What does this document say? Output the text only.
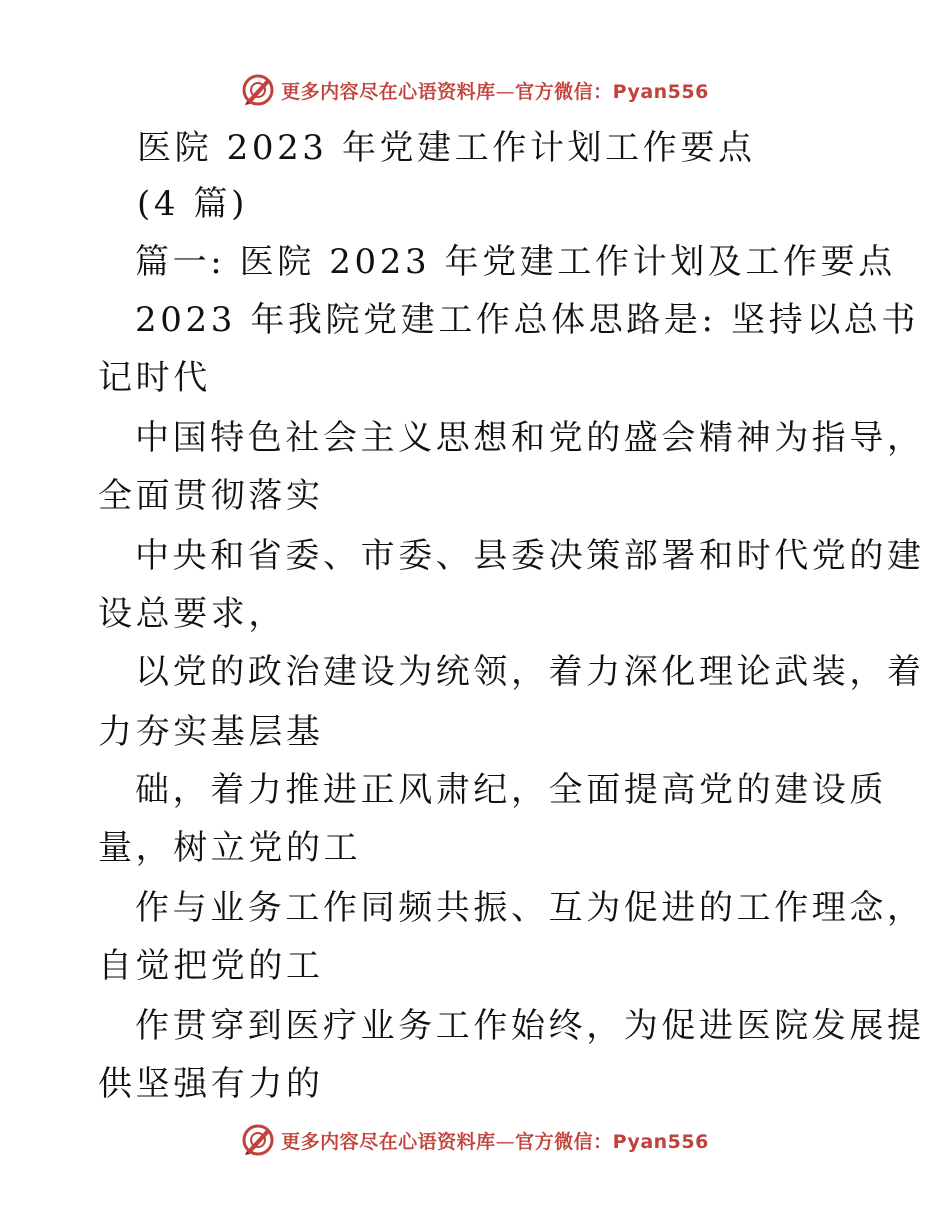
更多内容尽在心语资料库—官方微信：Pyan556
医院 2023 年党建工作计划工作要点
(4 篇)
篇一: 医院 2023 年党建工作计划及工作要点
2023 年我院党建工作总体思路是: 坚持以总书
记时代
中国特色社会主义思想和党的盛会精神为指导，
全面贯彻落实
中央和省委、市委、县委决策部署和时代党的建
设总要求，
以党的政治建设为统领，着力深化理论武装，着
力夯实基层基
础，着力推进正风肃纪，全面提高党的建设质
量，树立党的工
作与业务工作同频共振、互为促进的工作理念，
自觉把党的工
作贯穿到医疗业务工作始终，为促进医院发展提
供坚强有力的
更多内容尽在心语资料库—官方微信：Pyan556
